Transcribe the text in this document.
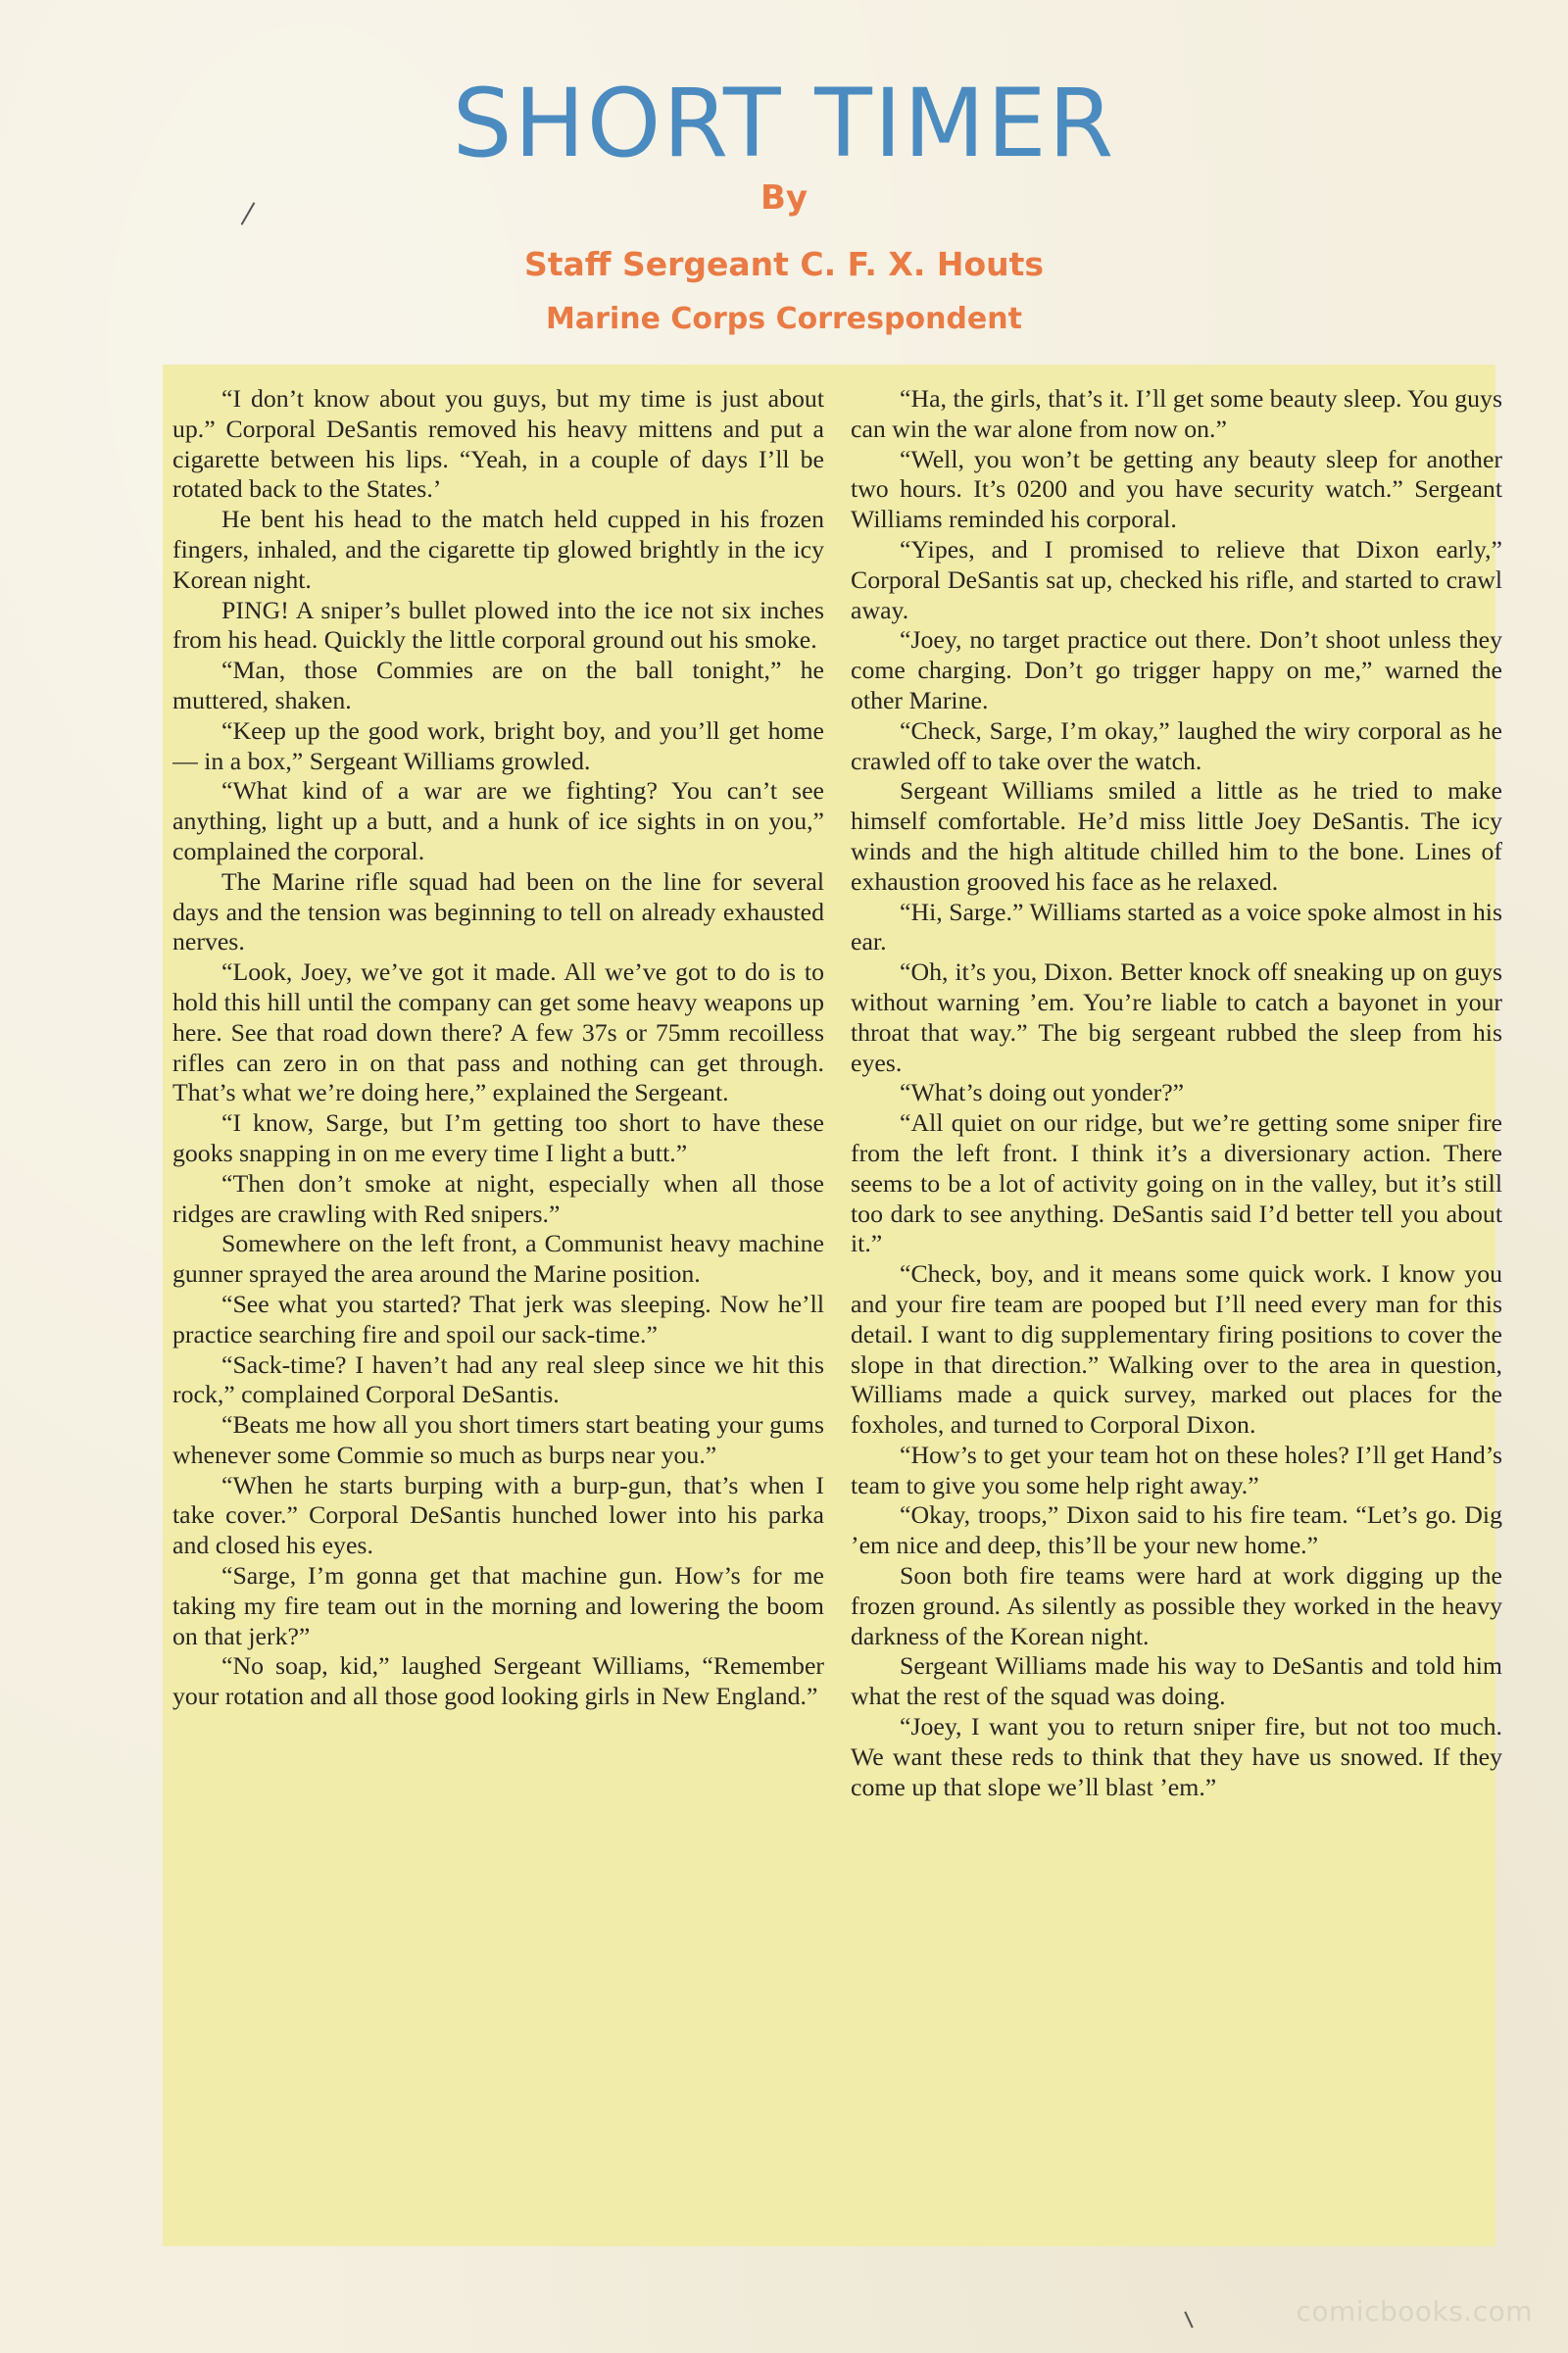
SHORT TIMER
By
Staff Sergeant C. F. X. Houts
Marine Corps Correspondent

“I don’t know about you guys, but my time is just about up.” Corporal DeSantis removed his heavy mittens and put a cigarette between his lips. “Yeah, in a couple of days I’ll be rotated back to the States.’

He bent his head to the match held cupped in his frozen fingers, inhaled, and the cigarette tip glowed brightly in the icy Korean night.

PING! A sniper’s bullet plowed into the ice not six inches from his head. Quickly the little corporal ground out his smoke.

“Man, those Commies are on the ball tonight,” he muttered, shaken.

“Keep up the good work, bright boy, and you’ll get home — in a box,” Sergeant Williams growled.

“What kind of a war are we fighting? You can’t see anything, light up a butt, and a hunk of ice sights in on you,” complained the corporal.

The Marine rifle squad had been on the line for several days and the tension was beginning to tell on already exhausted nerves.

“Look, Joey, we’ve got it made. All we’ve got to do is to hold this hill until the company can get some heavy weapons up here. See that road down there? A few 37s or 75mm recoilless rifles can zero in on that pass and nothing can get through. That’s what we’re doing here,” explained the Sergeant.

“I know, Sarge, but I’m getting too short to have these gooks snapping in on me every time I light a butt.”

“Then don’t smoke at night, especially when all those ridges are crawling with Red snipers.”

Somewhere on the left front, a Communist heavy machine gunner sprayed the area around the Marine position.

“See what you started? That jerk was sleeping. Now he’ll practice searching fire and spoil our sack-time.”

“Sack-time? I haven’t had any real sleep since we hit this rock,” complained Corporal DeSantis.

“Beats me how all you short timers start beating your gums whenever some Commie so much as burps near you.”

“When he starts burping with a burp-gun, that’s when I take cover.” Corporal DeSantis hunched lower into his parka and closed his eyes.

“Sarge, I’m gonna get that machine gun. How’s for me taking my fire team out in the morning and lowering the boom on that jerk?”

“No soap, kid,” laughed Sergeant Williams, “Remember your rotation and all those good looking girls in New England.”

“Ha, the girls, that’s it. I’ll get some beauty sleep. You guys can win the war alone from now on.”

“Well, you won’t be getting any beauty sleep for another two hours. It’s 0200 and you have security watch.” Sergeant Williams reminded his corporal.

“Yipes, and I promised to relieve that Dixon early,” Corporal DeSantis sat up, checked his rifle, and started to crawl away.

“Joey, no target practice out there. Don’t shoot unless they come charging. Don’t go trigger happy on me,” warned the other Marine.

“Check, Sarge, I’m okay,” laughed the wiry corporal as he crawled off to take over the watch.

Sergeant Williams smiled a little as he tried to make himself comfortable. He’d miss little Joey DeSantis. The icy winds and the high altitude chilled him to the bone. Lines of exhaustion grooved his face as he relaxed.

“Hi, Sarge.” Williams started as a voice spoke almost in his ear.

“Oh, it’s you, Dixon. Better knock off sneaking up on guys without warning ’em. You’re liable to catch a bayonet in your throat that way.” The big sergeant rubbed the sleep from his eyes.

“What’s doing out yonder?”

“All quiet on our ridge, but we’re getting some sniper fire from the left front. I think it’s a diversionary action. There seems to be a lot of activity going on in the valley, but it’s still too dark to see anything. DeSantis said I’d better tell you about it.”

“Check, boy, and it means some quick work. I know you and your fire team are pooped but I’ll need every man for this detail. I want to dig supplementary firing positions to cover the slope in that direction.” Walking over to the area in question, Williams made a quick survey, marked out places for the foxholes, and turned to Corporal Dixon.

“How’s to get your team hot on these holes? I’ll get Hand’s team to give you some help right away.”

“Okay, troops,” Dixon said to his fire team. “Let’s go. Dig ’em nice and deep, this’ll be your new home.”

Soon both fire teams were hard at work digging up the frozen ground. As silently as possible they worked in the heavy darkness of the Korean night.

Sergeant Williams made his way to DeSantis and told him what the rest of the squad was doing.

“Joey, I want you to return sniper fire, but not too much. We want these reds to think that they have us snowed. If they come up that slope we’ll blast ’em.”

comicbooks.com
